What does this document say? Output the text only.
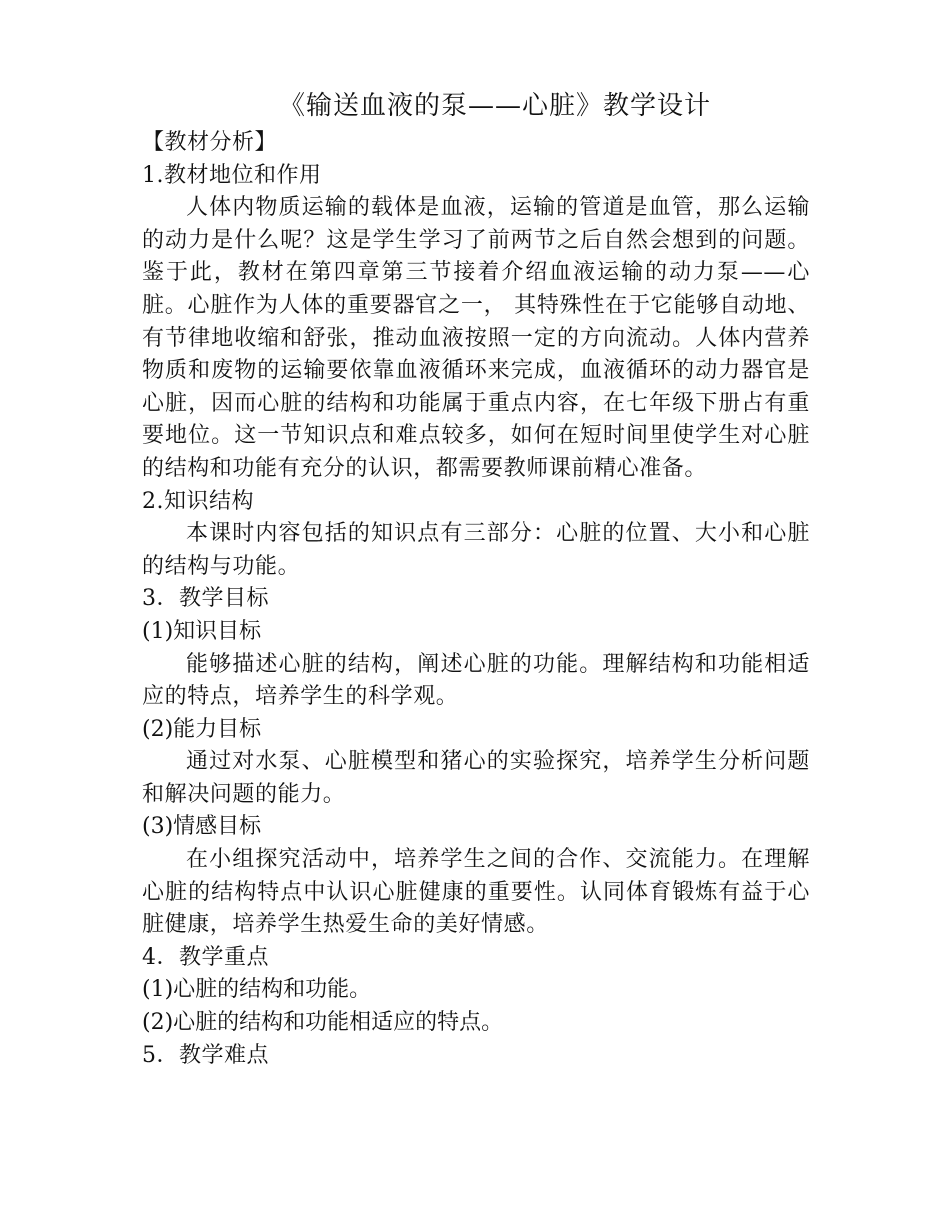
《输送血液的泵——心脏》教学设计

【教材分析】

1.教材地位和作用

人体内物质运输的载体是血液，运输的管道是血管，那么运输的动力是什么呢？这是学生学习了前两节之后自然会想到的问题。鉴于此，教材在第四章第三节接着介绍血液运输的动力泵——心脏。心脏作为人体的重要器官之一， 其特殊性在于它能够自动地、有节律地收缩和舒张，推动血液按照一定的方向流动。人体内营养物质和废物的运输要依靠血液循环来完成，血液循环的动力器官是心脏，因而心脏的结构和功能属于重点内容，在七年级下册占有重要地位。这一节知识点和难点较多，如何在短时间里使学生对心脏的结构和功能有充分的认识，都需要教师课前精心准备。

2.知识结构

本课时内容包括的知识点有三部分：心脏的位置、大小和心脏的结构与功能。

3．教学目标

(1)知识目标

能够描述心脏的结构，阐述心脏的功能。理解结构和功能相适应的特点，培养学生的科学观。

(2)能力目标

通过对水泵、心脏模型和猪心的实验探究，培养学生分析问题和解决问题的能力。

(3)情感目标

在小组探究活动中，培养学生之间的合作、交流能力。在理解心脏的结构特点中认识心脏健康的重要性。认同体育锻炼有益于心脏健康，培养学生热爱生命的美好情感。

4．教学重点

(1)心脏的结构和功能。

(2)心脏的结构和功能相适应的特点。

5．教学难点
